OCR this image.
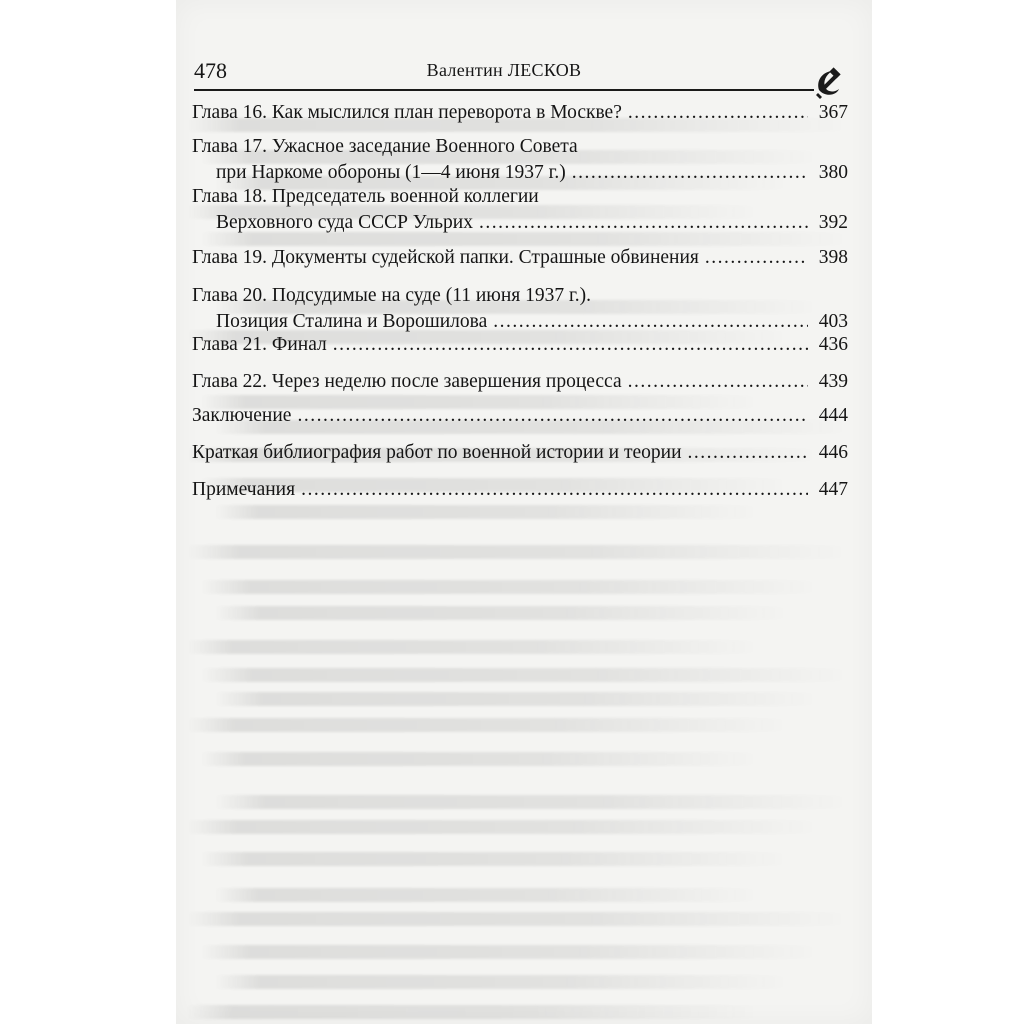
478	Валентин ЛЕСКОВ
Глава 16. Как мыслился план переворота в Москве? .....	367
Глава 17. Ужасное заседание Военного Совета
при Наркоме обороны (1—4 июня 1937 г.) .....	380
Глава 18. Председатель военной коллегии
Верховного суда СССР Ульрих .....	392
Глава 19. Документы судейской папки. Страшные обвинения .....	398
Глава 20. Подсудимые на суде (11 июня 1937 г.).
Позиция Сталина и Ворошилова .....	403
Глава 21. Финал .....	436
Глава 22. Через неделю после завершения процесса .....	439
Заключение .....	444
Краткая библиография работ по военной истории и теории .....	446
Примечания .....	447
